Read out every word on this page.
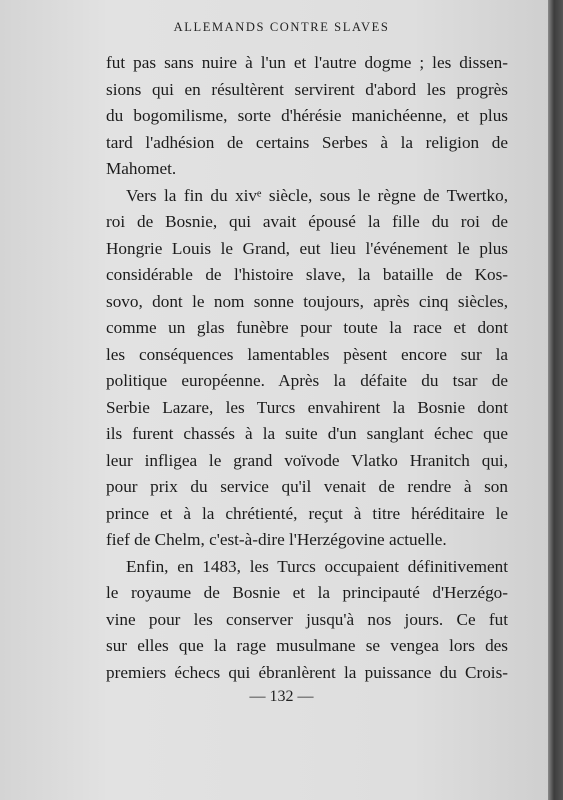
ALLEMANDS CONTRE SLAVES

fut pas sans nuire à l'un et l'autre dogme ; les dissen-
sions qui en résultèrent servirent d'abord les progrès
du bogomilisme, sorte d'hérésie manichéenne, et plus
tard l'adhésion de certains Serbes à la religion de
Mahomet.

Vers la fin du xivᵉ siècle, sous le règne de Twertko,
roi de Bosnie, qui avait épousé la fille du roi de
Hongrie Louis le Grand, eut lieu l'événement le plus
considérable de l'histoire slave, la bataille de Kos-
sovo, dont le nom sonne toujours, après cinq siècles,
comme un glas funèbre pour toute la race et dont
les conséquences lamentables pèsent encore sur la
politique européenne. Après la défaite du tsar de
Serbie Lazare, les Turcs envahirent la Bosnie dont
ils furent chassés à la suite d'un sanglant échec que
leur infligea le grand voïvode Vlatko Hranitch qui,
pour prix du service qu'il venait de rendre à son
prince et à la chrétienté, reçut à titre héréditaire le
fief de Chelm, c'est-à-dire l'Herzégovine actuelle.

Enfin, en 1483, les Turcs occupaient définitivement
le royaume de Bosnie et la principauté d'Herzégo-
vine pour les conserver jusqu'à nos jours. Ce fut
sur elles que la rage musulmane se vengea lors des
premiers échecs qui ébranlèrent la puissance du Crois-

— 132 —
